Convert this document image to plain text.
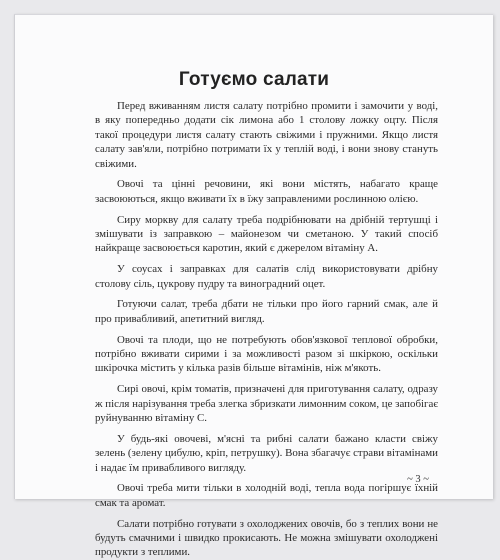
Готуємо салати

Перед вживанням листя салату потрібно промити і замочити у воді, в яку попередньо додати сік лимона або 1 столову ложку оцту. Після такої процедури листя салату стають свіжими і пружними. Якщо листя салату зав'яли, потрібно потримати їх у теплій воді, і вони знову стануть свіжими.

Овочі та цінні речовини, які вони містять, набагато краще засвоюються, якщо вживати їх в їжу заправленими рослинною олією.

Сиру моркву для салату треба подрібнювати на дрібній тертушці і змішувати із заправкою – майонезом чи сметаною. У такий спосіб найкраще засвоюється каротин, який є джерелом вітаміну А.

У соусах і заправках для салатів слід використовувати дрібну столову сіль, цукрову пудру та виноградний оцет.

Готуючи салат, треба дбати не тільки про його гарний смак, але й про привабливий, апетитний вигляд.

Овочі та плоди, що не потребують обов'язкової теплової обробки, потрібно вживати сирими і за можливості разом зі шкіркою, оскільки шкірочка містить у кілька разів більше вітамінів, ніж м'якоть.

Сирі овочі, крім томатів, призначені для приготування салату, одразу ж після нарізування треба злегка збризкати лимонним соком, це запобігає руйнуванню вітаміну С.

У будь-які овочеві, м'ясні та рибні салати бажано класти свіжу зелень (зелену цибулю, кріп, петрушку). Вона збагачує страви вітамінами і надає їм привабливого вигляду.

Овочі треба мити тільки в холодній воді, тепла вода погіршує їхній смак та аромат.

Салати потрібно готувати з охолоджених овочів, бо з теплих вони не будуть смачними і швидко прокисають. Не можна змішувати охолоджені продукти з теплими.

~ 3 ~
